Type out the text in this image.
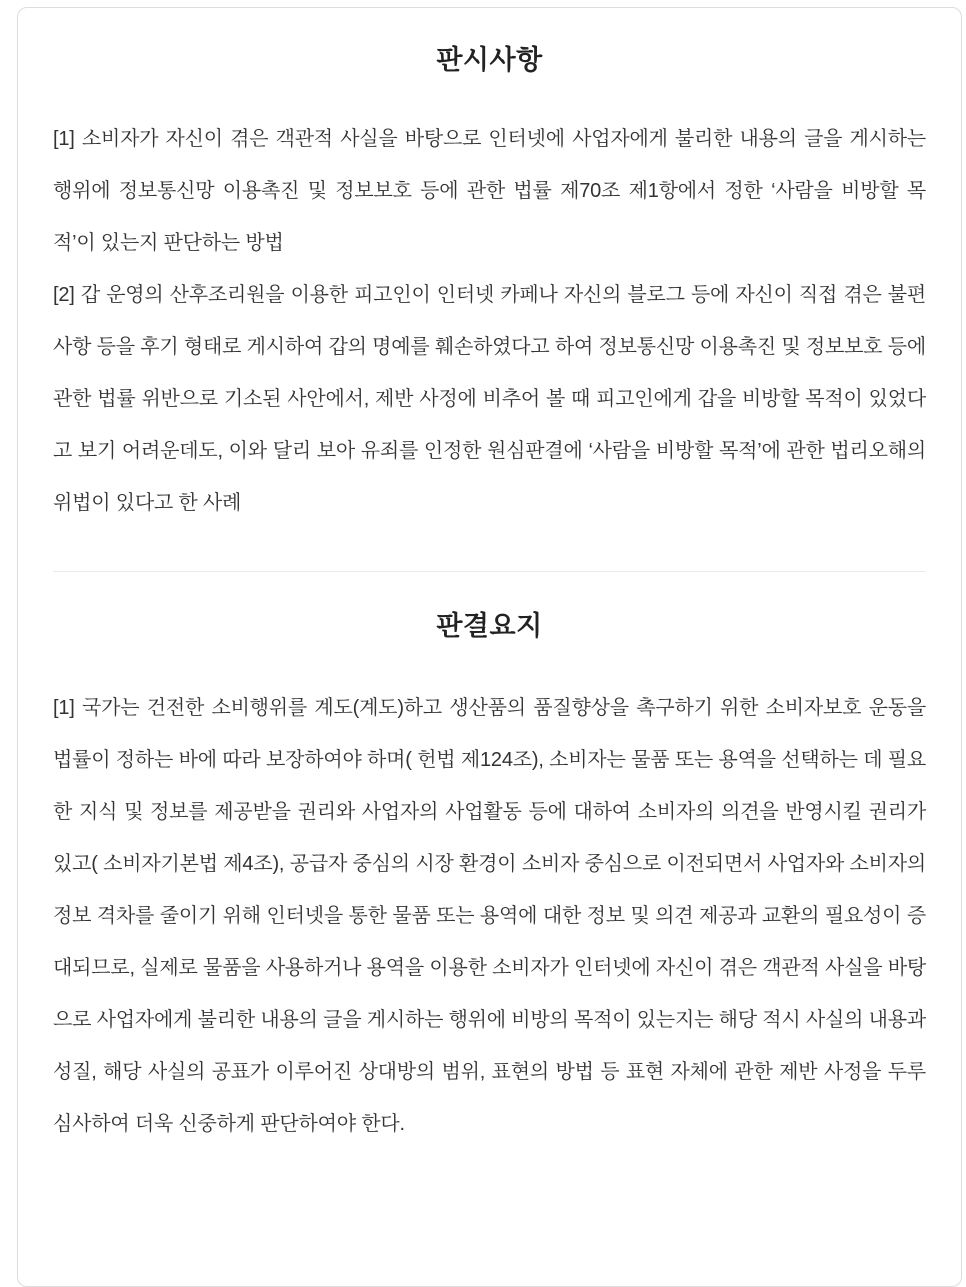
판시사항

[1] 소비자가 자신이 겪은 객관적 사실을 바탕으로 인터넷에 사업자에게 불리한 내용의 글을 게시하는 행위에 정보통신망 이용촉진 및 정보보호 등에 관한 법률 제70조 제1항에서 정한 ‘사람을 비방할 목적’이 있는지 판단하는 방법

[2] 갑 운영의 산후조리원을 이용한 피고인이 인터넷 카페나 자신의 블로그 등에 자신이 직접 겪은 불편사항 등을 후기 형태로 게시하여 갑의 명예를 훼손하였다고 하여 정보통신망 이용촉진 및 정보보호 등에 관한 법률 위반으로 기소된 사안에서, 제반 사정에 비추어 볼 때 피고인에게 갑을 비방할 목적이 있었다고 보기 어려운데도, 이와 달리 보아 유죄를 인정한 원심판결에 ‘사람을 비방할 목적’에 관한 법리오해의 위법이 있다고 한 사례

판결요지

[1] 국가는 건전한 소비행위를 계도(계도)하고 생산품의 품질향상을 촉구하기 위한 소비자보호 운동을 법률이 정하는 바에 따라 보장하여야 하며( 헌법 제124조), 소비자는 물품 또는 용역을 선택하는 데 필요한 지식 및 정보를 제공받을 권리와 사업자의 사업활동 등에 대하여 소비자의 의견을 반영시킬 권리가 있고( 소비자기본법 제4조), 공급자 중심의 시장 환경이 소비자 중심으로 이전되면서 사업자와 소비자의 정보 격차를 줄이기 위해 인터넷을 통한 물품 또는 용역에 대한 정보 및 의견 제공과 교환의 필요성이 증대되므로, 실제로 물품을 사용하거나 용역을 이용한 소비자가 인터넷에 자신이 겪은 객관적 사실을 바탕으로 사업자에게 불리한 내용의 글을 게시하는 행위에 비방의 목적이 있는지는 해당 적시 사실의 내용과 성질, 해당 사실의 공표가 이루어진 상대방의 범위, 표현의 방법 등 표현 자체에 관한 제반 사정을 두루 심사하여 더욱 신중하게 판단하여야 한다.
